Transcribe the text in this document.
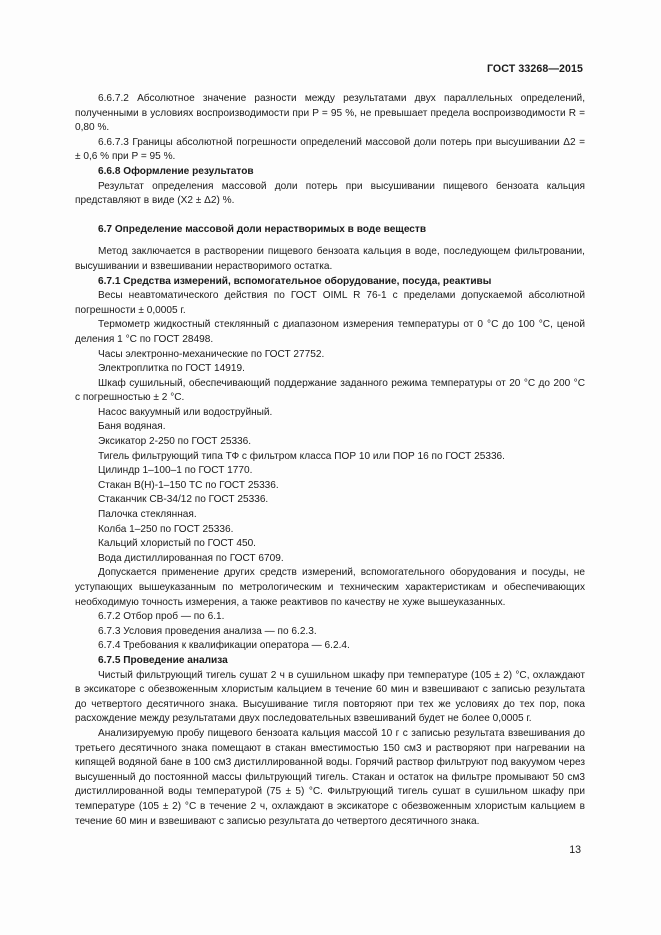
ГОСТ 33268—2015

6.6.7.2 Абсолютное значение разности между результатами двух параллельных определений, полученными в условиях воспроизводимости при P = 95 %, не превышает предела воспроизводимости R = 0,80 %.

6.6.7.3 Границы абсолютной погрешности определений массовой доли потерь при высушивании Δ2 = ± 0,6 % при P = 95 %.

6.6.8 Оформление результатов

Результат определения массовой доли потерь при высушивании пищевого бензоата кальция представляют в виде (X2 ± Δ2) %.

6.7 Определение массовой доли нерастворимых в воде веществ

Метод заключается в растворении пищевого бензоата кальция в воде, последующем фильтровании, высушивании и взвешивании нерастворимого остатка.

6.7.1 Средства измерений, вспомогательное оборудование, посуда, реактивы

Весы неавтоматического действия по ГОСТ OIML R 76-1 с пределами допускаемой абсолютной погрешности ± 0,0005 г.

Термометр жидкостный стеклянный с диапазоном измерения температуры от 0 °С до 100 °С, ценой деления 1 °С по ГОСТ 28498.

Часы электронно-механические по ГОСТ 27752.

Электроплитка по ГОСТ 14919.

Шкаф сушильный, обеспечивающий поддержание заданного режима температуры от 20 °С до 200 °С с погрешностью ± 2 °С.

Насос вакуумный или водоструйный.

Баня водяная.

Эксикатор 2-250 по ГОСТ 25336.

Тигель фильтрующий типа ТФ с фильтром класса ПОР 10 или ПОР 16 по ГОСТ 25336.

Цилиндр 1–100–1 по ГОСТ 1770.

Стакан В(Н)-1–150 ТС по ГОСТ 25336.

Стаканчик СВ-34/12 по ГОСТ 25336.

Палочка стеклянная.

Колба 1–250 по ГОСТ 25336.

Кальций хлористый по ГОСТ 450.

Вода дистиллированная по ГОСТ 6709.

Допускается применение других средств измерений, вспомогательного оборудования и посуды, не уступающих вышеуказанным по метрологическим и техническим характеристикам и обеспечивающих необходимую точность измерения, а также реактивов по качеству не хуже вышеуказанных.

6.7.2 Отбор проб — по 6.1.

6.7.3 Условия проведения анализа — по 6.2.3.

6.7.4 Требования к квалификации оператора — 6.2.4.

6.7.5 Проведение анализа

Чистый фильтрующий тигель сушат 2 ч в сушильном шкафу при температуре (105 ± 2) °С, охлаждают в эксикаторе с обезвоженным хлористым кальцием в течение 60 мин и взвешивают с записью результата до четвертого десятичного знака. Высушивание тигля повторяют при тех же условиях до тех пор, пока расхождение между результатами двух последовательных взвешиваний будет не более 0,0005 г.

Анализируемую пробу пищевого бензоата кальция массой 10 г с записью результата взвешивания до третьего десятичного знака помещают в стакан вместимостью 150 см3 и растворяют при нагревании на кипящей водяной бане в 100 см3 дистиллированной воды. Горячий раствор фильтруют под вакуумом через высушенный до постоянной массы фильтрующий тигель. Стакан и остаток на фильтре промывают 50 см3 дистиллированной воды температурой (75 ± 5) °С. Фильтрующий тигель сушат в сушильном шкафу при температуре (105 ± 2) °С в течение 2 ч, охлаждают в эксикаторе с обезвоженным хлористым кальцием в течение 60 мин и взвешивают с записью результата до четвертого десятичного знака.

13
